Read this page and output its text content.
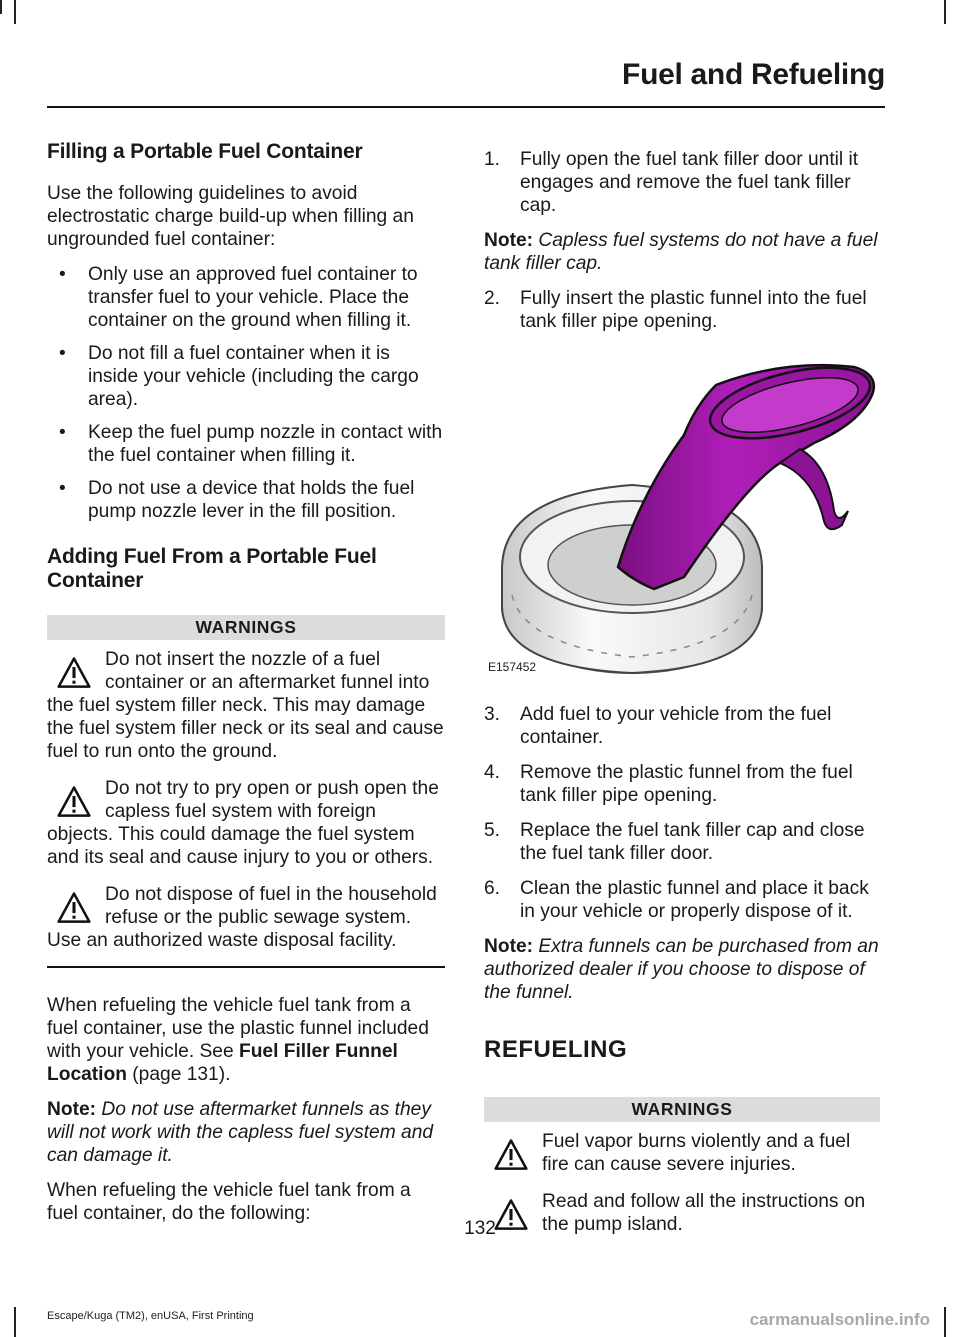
Fuel and Refueling
Filling a Portable Fuel Container

Use the following guidelines to avoid electrostatic charge build-up when filling an ungrounded fuel container:

• Only use an approved fuel container to transfer fuel to your vehicle. Place the container on the ground when filling it.
• Do not fill a fuel container when it is inside your vehicle (including the cargo area).
• Keep the fuel pump nozzle in contact with the fuel container when filling it.
• Do not use a device that holds the fuel pump nozzle lever in the fill position.
Adding Fuel From a Portable Fuel Container
WARNINGS
Do not insert the nozzle of a fuel container or an aftermarket funnel into the fuel system filler neck. This may damage the fuel system filler neck or its seal and cause fuel to run onto the ground.
Do not try to pry open or push open the capless fuel system with foreign objects. This could damage the fuel system and its seal and cause injury to you or others.
Do not dispose of fuel in the household refuse or the public sewage system. Use an authorized waste disposal facility.

When refueling the vehicle fuel tank from a fuel container, use the plastic funnel included with your vehicle. See Fuel Filler Funnel Location (page 131).

Note: Do not use aftermarket funnels as they will not work with the capless fuel system and can damage it.

When refueling the vehicle fuel tank from a fuel container, do the following:

1. Fully open the fuel tank filler door until it engages and remove the fuel tank filler cap.

Note: Capless fuel systems do not have a fuel tank filler cap.

2. Fully insert the plastic funnel into the fuel tank filler pipe opening.
E157452
3. Add fuel to your vehicle from the fuel container.
4. Remove the plastic funnel from the fuel tank filler pipe opening.
5. Replace the fuel tank filler cap and close the fuel tank filler door.
6. Clean the plastic funnel and place it back in your vehicle or properly dispose of it.

Note: Extra funnels can be purchased from an authorized dealer if you choose to dispose of the funnel.

REFUELING
WARNINGS
Fuel vapor burns violently and a fuel fire can cause severe injuries.
Read and follow all the instructions on the pump island.
132
Escape/Kuga (TM2), enUSA, First Printing	carmanualsonline.info
